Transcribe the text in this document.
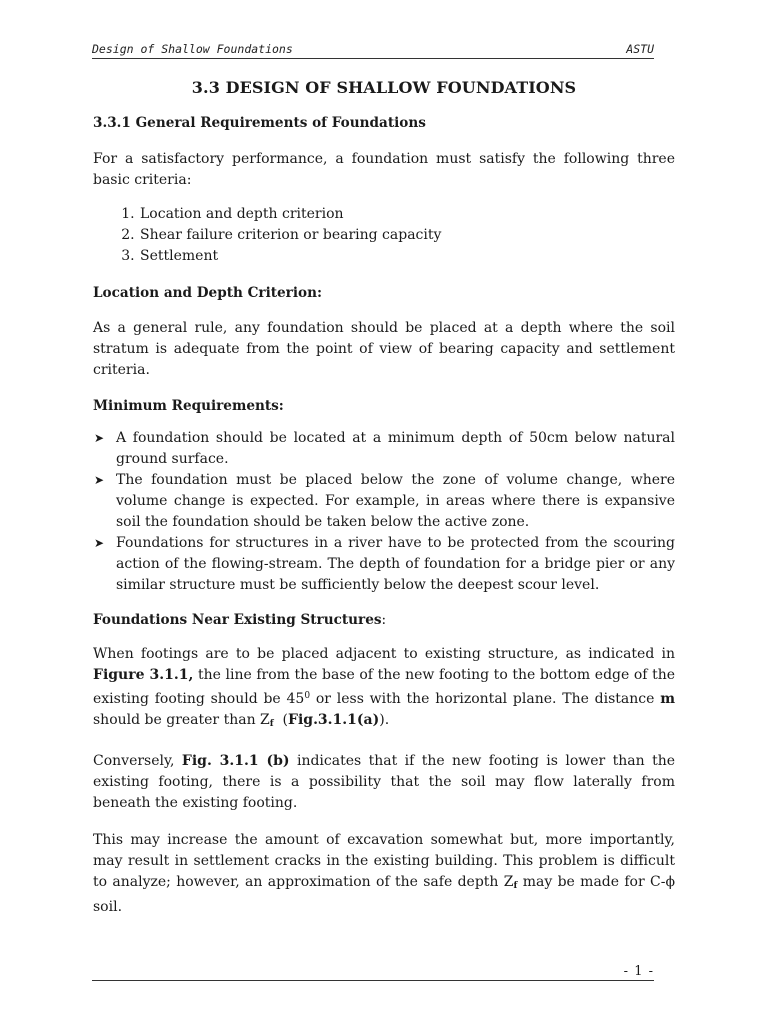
Design of Shallow Foundations	ASTU
3.3 DESIGN OF SHALLOW FOUNDATIONS
3.3.1 General Requirements of Foundations

For a satisfactory performance, a foundation must satisfy the following three basic criteria:

1. Location and depth criterion
2. Shear failure criterion or bearing capacity
3. Settlement
Location and Depth Criterion:

As a general rule, any foundation should be placed at a depth where the soil stratum is adequate from the point of view of bearing capacity and settlement criteria.

Minimum Requirements:
➤ A foundation should be located at a minimum depth of 50cm below natural ground surface.
➤ The foundation must be placed below the zone of volume change, where volume change is expected. For example, in areas where there is expansive soil the foundation should be taken below the active zone.
➤ Foundations for structures in a river have to be protected from the scouring action of the flowing-stream. The depth of foundation for a bridge pier or any similar structure must be sufficiently below the deepest scour level.
Foundations Near Existing Structures:

When footings are to be placed adjacent to existing structure, as indicated in Figure 3.1.1, the line from the base of the new footing to the bottom edge of the existing footing should be $45^0$ or less with the horizontal plane. The distance m should be greater than $Z_f$  (Fig.3.1.1(a)).

Conversely, Fig. 3.1.1 (b) indicates that if the new footing is lower than the existing footing, there is a possibility that the soil may flow laterally from beneath the existing footing.

This may increase the amount of excavation somewhat but, more importantly, may result in settlement cracks in the existing building. This problem is difficult to analyze; however, an approximation of the safe depth $Z_f$ may be made for C-ϕ soil.

- 1 -
